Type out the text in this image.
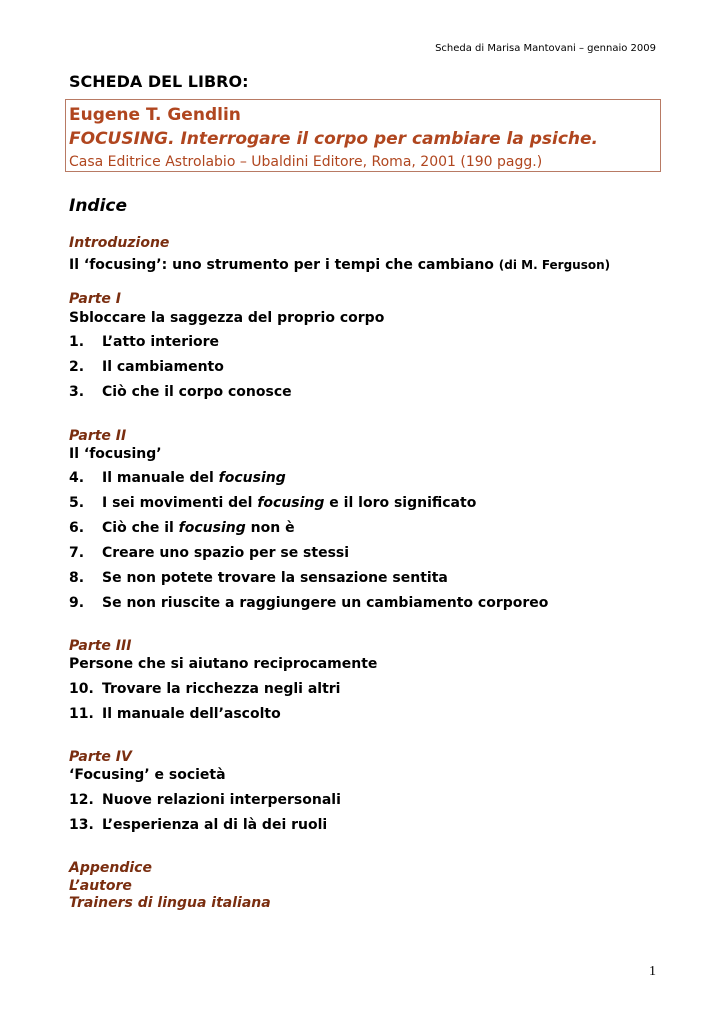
Scheda di Marisa Mantovani – gennaio 2009
SCHEDA DEL LIBRO:
Eugene T. Gendlin
FOCUSING. Interrogare il corpo per cambiare la psiche.
Casa Editrice Astrolabio – Ubaldini Editore, Roma, 2001 (190 pagg.)
Indice
Introduzione
Il ‘focusing’: uno strumento per i tempi che cambiano (di M. Ferguson)
Parte I
Sbloccare la saggezza del proprio corpo
1. L’atto interiore
2. Il cambiamento
3. Ciò che il corpo conosce
Parte II
Il ‘focusing’
4. Il manuale del focusing
5. I sei movimenti del focusing e il loro significato
6. Ciò che il focusing non è
7. Creare uno spazio per se stessi
8. Se non potete trovare la sensazione sentita
9. Se non riuscite a raggiungere un cambiamento corporeo
Parte III
Persone che si aiutano reciprocamente
10. Trovare la ricchezza negli altri
11. Il manuale dell’ascolto
Parte IV
‘Focusing’ e società
12. Nuove relazioni interpersonali
13. L’esperienza al di là dei ruoli
Appendice
L’autore
Trainers di lingua italiana
1
